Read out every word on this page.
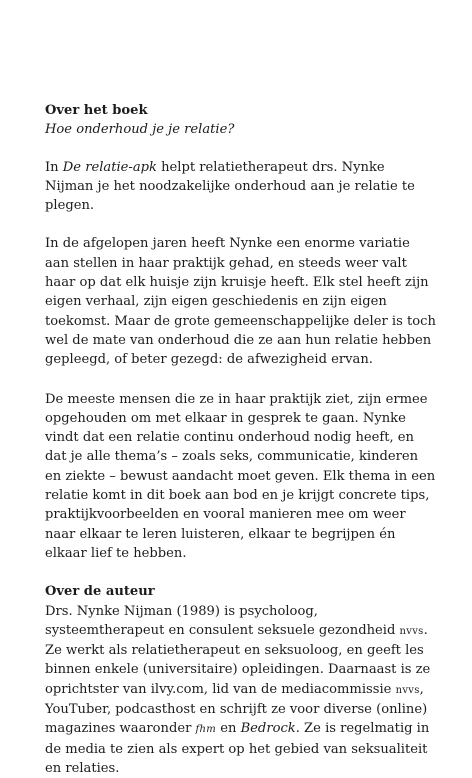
Over het boek

Hoe onderhoud je je relatie?

In De relatie-apk helpt relatietherapeut drs. Nynke Nijman je het noodzakelijke onderhoud aan je relatie te plegen.

In de afgelopen jaren heeft Nynke een enorme variatie aan stellen in haar praktijk gehad, en steeds weer valt haar op dat elk huisje zijn kruisje heeft. Elk stel heeft zijn eigen verhaal, zijn eigen geschiedenis en zijn eigen toekomst. Maar de grote gemeenschappelijke deler is toch wel de mate van onderhoud die ze aan hun relatie hebben gepleegd, of beter gezegd: de afwezigheid ervan.

De meeste mensen die ze in haar praktijk ziet, zijn ermee opgehouden om met elkaar in gesprek te gaan. Nynke vindt dat een relatie continu onderhoud nodig heeft, en dat je alle thema’s – zoals seks, communicatie, kinderen en ziekte – bewust aandacht moet geven. Elk thema in een relatie komt in dit boek aan bod en je krijgt concrete tips, praktijkvoorbeelden en vooral manieren mee om weer naar elkaar te leren luisteren, elkaar te begrijpen én elkaar lief te hebben.

Over de auteur

Drs. Nynke Nijman (1989) is psycholoog, systeemtherapeut en consulent seksuele gezondheid nvvs. Ze werkt als relatietherapeut en seksuoloog, en geeft les binnen enkele (universitaire) opleidingen. Daarnaast is ze oprichtster van ilvy.com, lid van de mediacommissie nvvs, YouTuber, podcasthost en schrijft ze voor diverse (online) magazines waaronder fhm en Bedrock. Ze is regelmatig in de media te zien als expert op het gebied van seksualiteit en relaties.
